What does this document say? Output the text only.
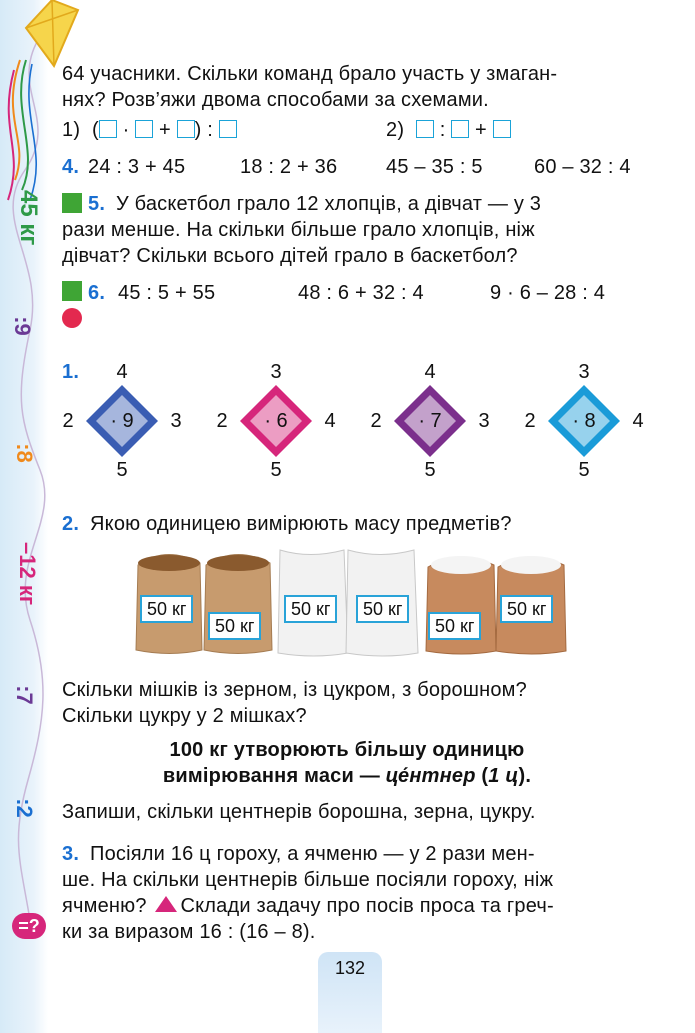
45 кг
:9
:8
–12 кг
:7
:2
=?
64 учасники. Скільки команд брало участь у змаган-
нях? Розв’яжи двома способами за схемами.
1) ( ·  + ) :	2)  :  +
4. 24 : 3 + 45	18 : 2 + 36 45 – 35 : 5	60 – 32 : 4
5. У баскетбол грало 12 хлопців, а дівчат — у 3
рази менше. На скільки більше грало хлопців, ніж
дівчат? Скільки всього дітей грало в баскетбол?
6. 45 : 5 + 55	48 : 6 + 32 : 4	9 · 6 – 28 : 4
1.	4
5
2	3
· 9
3
5
2	4
· 6
4
5
2	3
· 7
3
5
2	4
· 8
2. Якою одиницею вимірюють масу предметів?
50 кг
50 кг
50 кг	50 кг
50 кг
50 кг
Скільки мішків із зерном, із цукром, з борошном?
Скільки цукру у 2 мішках?
100 кг утворюють більшу одиницю
вимірювання маси — це́нтнер (1 ц).
Запиши, скільки центнерів борошна, зерна, цукру.
3. Посіяли 16 ц гороху, а ячменю — у 2 рази мен-
ше. На скільки центнерів більше посіяли гороху, ніж
ячменю? Склади задачу про посів проса та греч-
ки за виразом 16 : (16 – 8).
132
